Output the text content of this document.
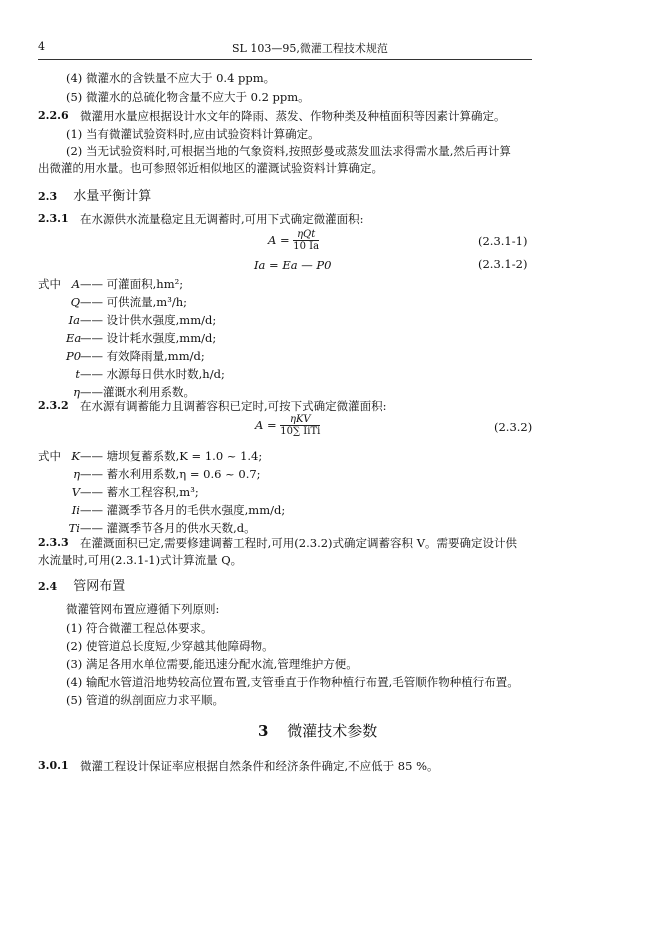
4	SL 103—95,微灌工程技术规范
(4) 微灌水的含铁量不应大于 0.4 ppm。
(5) 微灌水的总硫化物含量不应大于 0.2 ppm。
2.2.6 微灌用水量应根据设计水文年的降雨、蒸发、作物种类及种植面积等因素计算确定。
(1) 当有微灌试验资料时,应由试验资料计算确定。
(2) 当无试验资料时,可根据当地的气象资料,按照彭曼或蒸发皿法求得需水量,然后再计算
出微灌的用水量。也可参照邻近相似地区的灌溉试验资料计算确定。
2.3 水量平衡计算
2.3.1 在水源供水流量稳定且无调蓄时,可用下式确定微灌面积:
$A = \frac{\text{ηQt}}{10 Ia}$	(2.3.1-1)
Ia = Ea — P0	(2.3.1-2)
式中 A—— 可灌面积,hm²;
Q—— 可供流量,m³/h;
Ia—— 设计供水强度,mm/d;
Ea—— 设计耗水强度,mm/d;
P0—— 有效降雨量,mm/d;
t—— 水源每日供水时数,h/d;
η——灌溉水利用系数。
2.3.2 在水源有调蓄能力且调蓄容积已定时,可按下式确定微灌面积:
$A = \frac{\text{ηKV}}{\text{10∑ IiTi}}$	(2.3.2)
式中 K—— 塘坝复蓄系数,K = 1.0 ~ 1.4;
η—— 蓄水利用系数,η = 0.6 ~ 0.7;
V—— 蓄水工程容积,m³;
Ii—— 灌溉季节各月的毛供水强度,mm/d;
Ti—— 灌溉季节各月的供水天数,d。
2.3.3 在灌溉面积已定,需要修建调蓄工程时,可用(2.3.2)式确定调蓄容积 V。需要确定设计供
水流量时,可用(2.3.1-1)式计算流量 Q。
2.4 管网布置
微灌管网布置应遵循下列原则:
(1) 符合微灌工程总体要求。
(2) 使管道总长度短,少穿越其他障碍物。
(3) 满足各用水单位需要,能迅速分配水流,管理维护方便。
(4) 输配水管道沿地势较高位置布置,支管垂直于作物种植行布置,毛管顺作物种植行布置。
(5) 管道的纵剖面应力求平顺。
3 微灌技术参数
3.0.1 微灌工程设计保证率应根据自然条件和经济条件确定,不应低于 85 %。
